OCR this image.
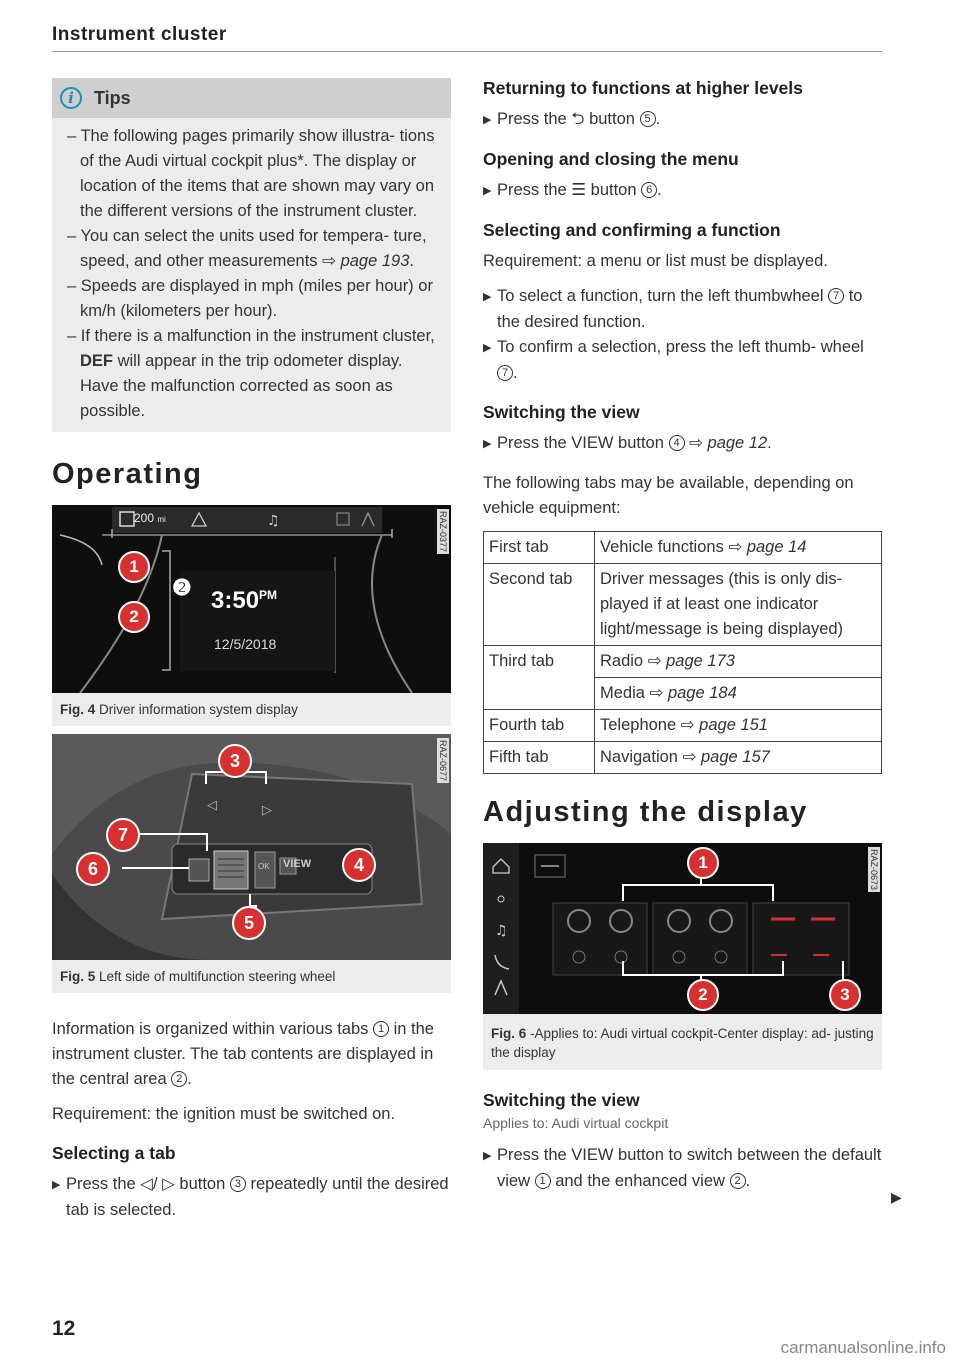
Instrument cluster
i	Tips
– The following pages primarily show illustra- tions of the Audi virtual cockpit plus*. The display or location of the items that are shown may vary on the different versions of the instrument cluster.
– You can select the units used for tempera- ture, speed, and other measurements ⇨ page 193.
– Speeds are displayed in mph (miles per hour) or km/h (kilometers per hour).
– If there is a malfunction in the instrument cluster, DEF will appear in the trip odometer display. Have the malfunction corrected as soon as possible.
Operating
♫
❷
200 mi
$3:50^{PM}$
12/5/2018
1
2
RAZ-0377
Fig. 4 Driver information system display
◁	▷
VIEW
OK
3
7
6	4
5
RAZ-0677
Fig. 5 Left side of multifunction steering wheel
Information is organized within various tabs 1 in the instrument cluster. The tab contents are displayed in the central area 2 .
Requirement: the ignition must be switched on.
Selecting a tab
▶ Press the ◁/ ▷ button 3 repeatedly until the desired tab is selected.
Returning to functions at higher levels
▶ Press the ⮌ button 5 .
Opening and closing the menu
▶ Press the ☰ button 6 .
Selecting and confirming a function
Requirement: a menu or list must be displayed.
▶ To select a function, turn the left thumbwheel 7 to the desired function.
▶ To confirm a selection, press the left thumb- wheel 7 .
Switching the view
▶ Press the VIEW button 4 ⇨ page 12.
The following tabs may be available, depending on vehicle equipment:
First tab	Vehicle functions ⇨ page 14
Second tab	Driver messages (this is only dis- played if at least one indicator light/message is being displayed)
Third tab	Radio ⇨ page 173
	Media ⇨ page 184
Fourth tab	Telephone ⇨ page 151
Fifth tab	Navigation ⇨ page 157
Adjusting the display
♫
1
2	3
RAZ-0673
Fig. 6 -Applies to: Audi virtual cockpit-Center display: ad- justing the display
Switching the view
Applies to: Audi virtual cockpit
▶ Press the VIEW button to switch between the default view 1 and the enhanced view 2 .
▶
12
carmanualsonline.info
